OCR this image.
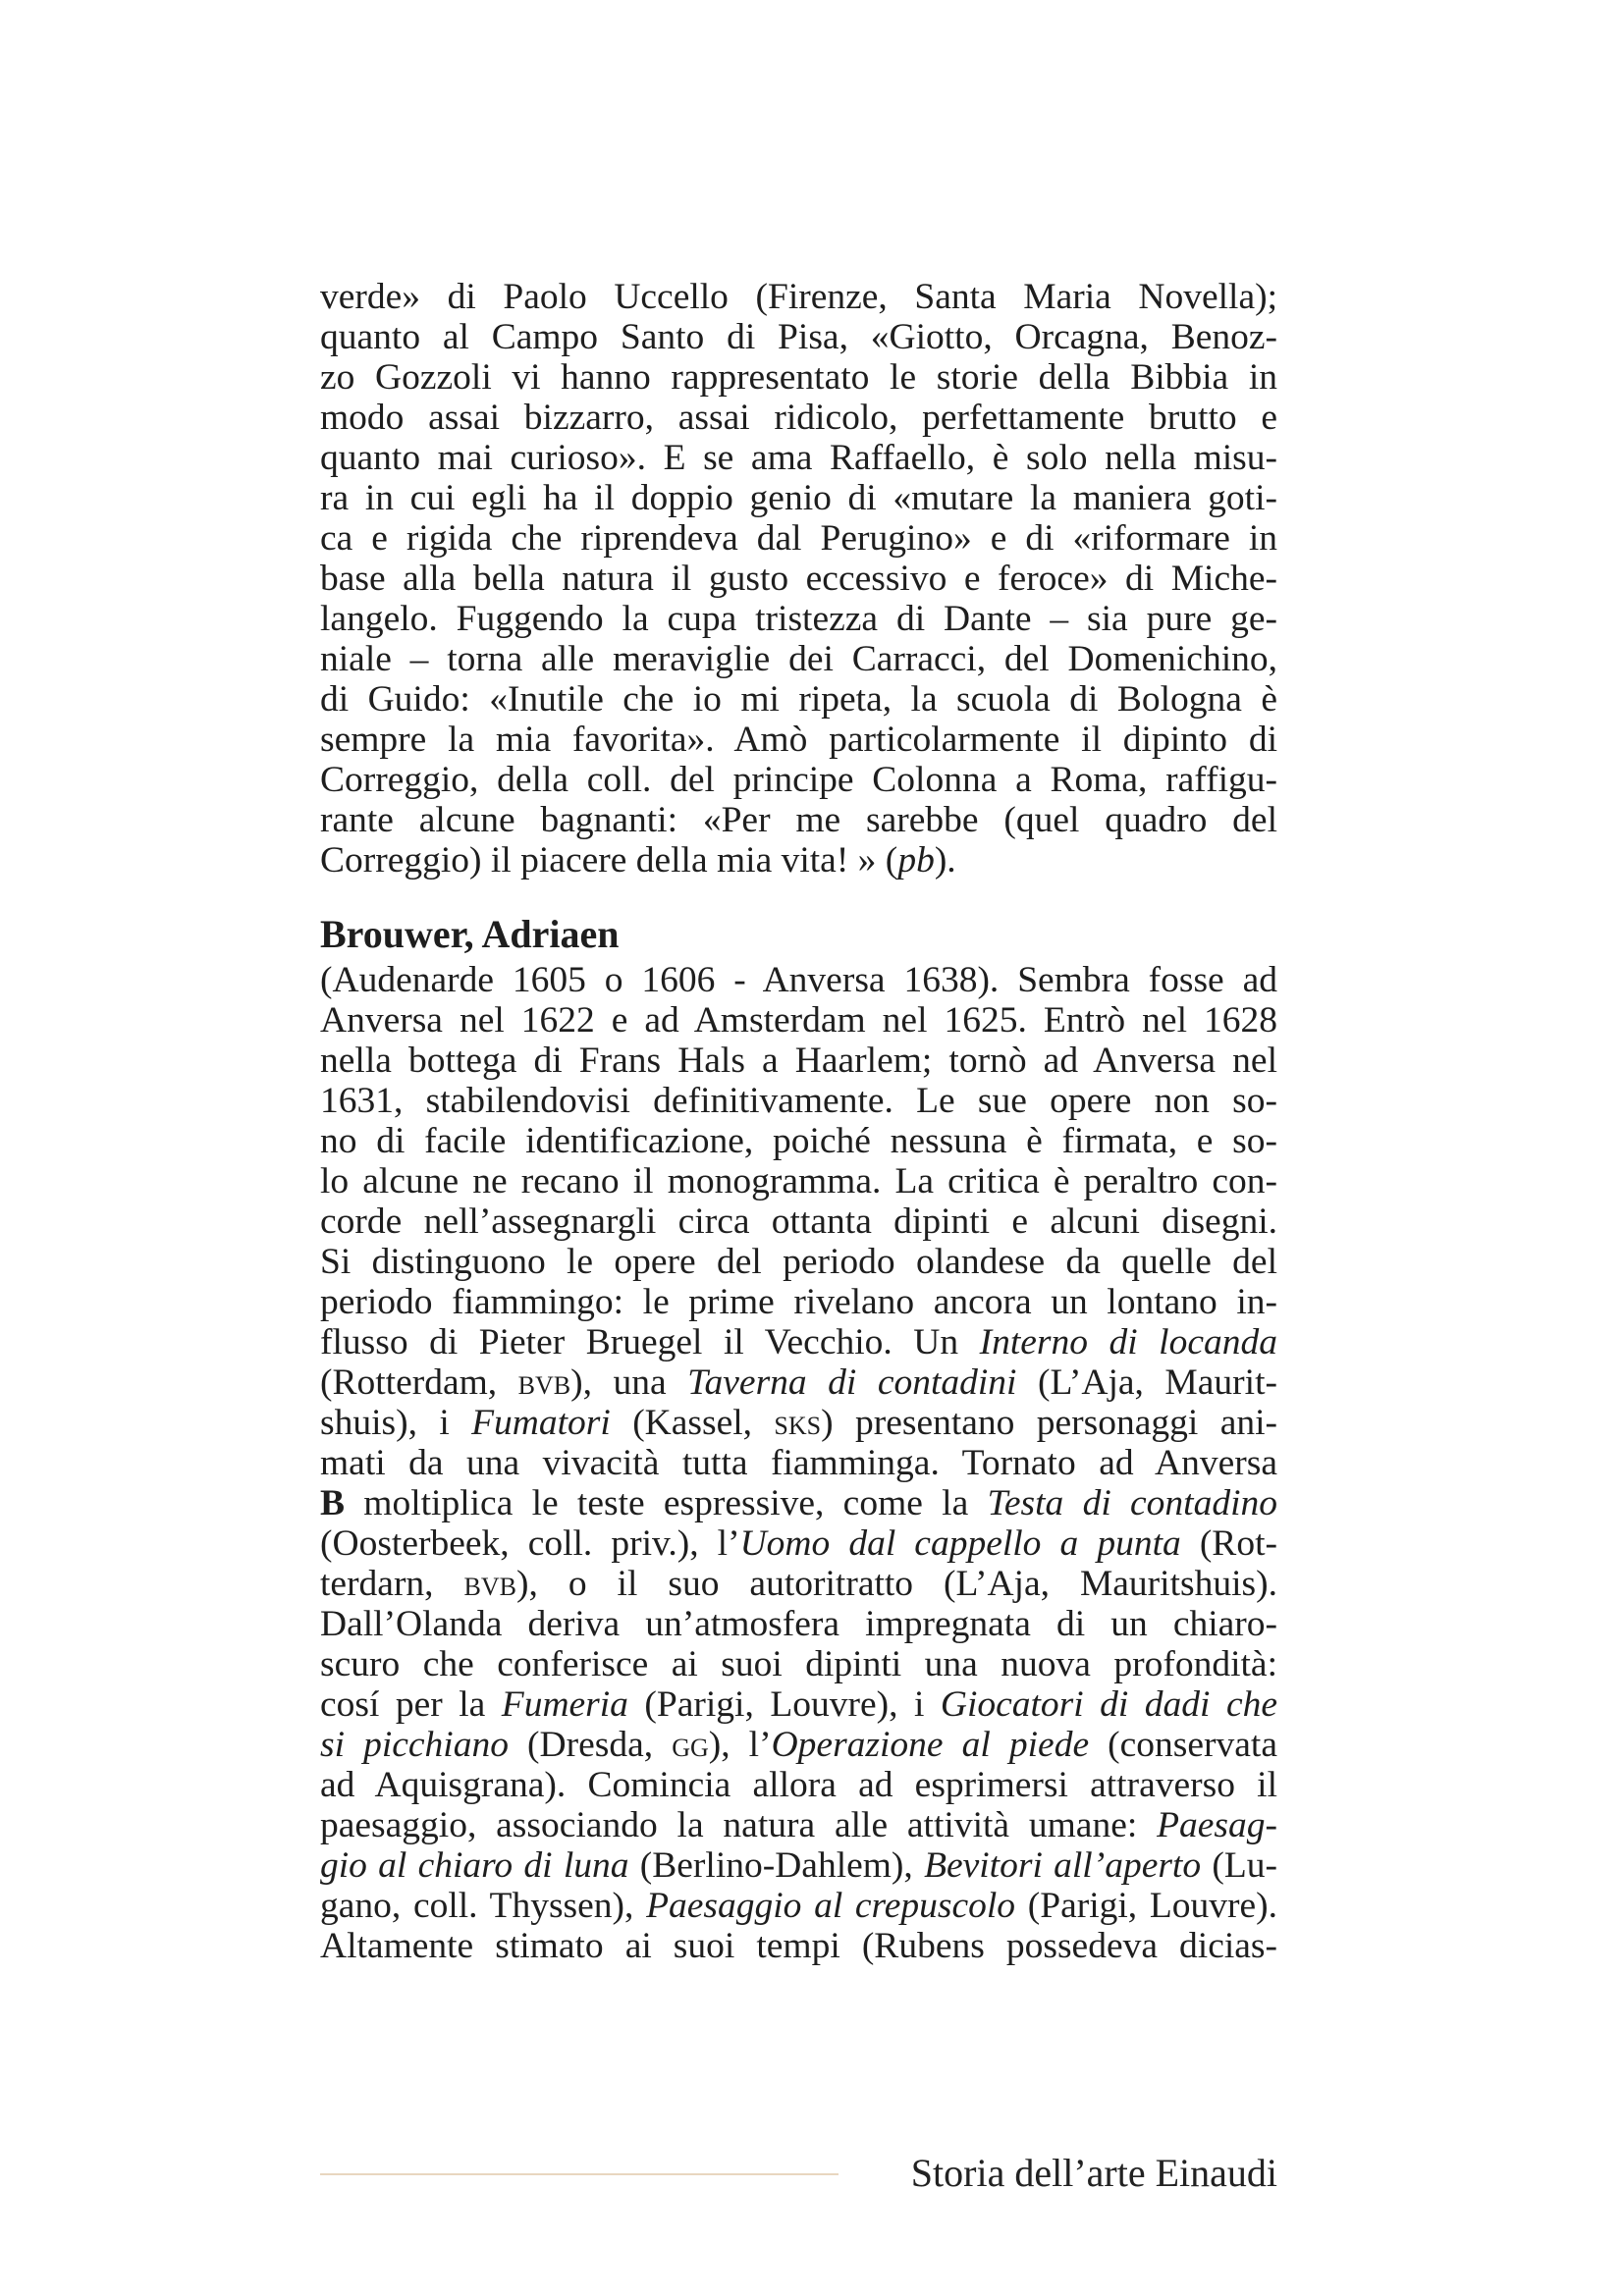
verde» di Paolo Uccello (Firenze, Santa Maria Novella);
quanto al Campo Santo di Pisa, «Giotto, Orcagna, Benoz-
zo Gozzoli vi hanno rappresentato le storie della Bibbia in
modo assai bizzarro, assai ridicolo, perfettamente brutto e
quanto mai curioso». E se ama Raffaello, è solo nella misu-
ra in cui egli ha il doppio genio di «mutare la maniera goti-
ca e rigida che riprendeva dal Perugino» e di «riformare in
base alla bella natura il gusto eccessivo e feroce» di Miche-
langelo. Fuggendo la cupa tristezza di Dante – sia pure ge-
niale – torna alle meraviglie dei Carracci, del Domenichino,
di Guido: «Inutile che io mi ripeta, la scuola di Bologna è
sempre la mia favorita». Amò particolarmente il dipinto di
Correggio, della coll. del principe Colonna a Roma, raffigu-
rante alcune bagnanti: «Per me sarebbe (quel quadro del
Correggio) il piacere della mia vita! » (pb).

Brouwer, Adriaen

(Audenarde 1605 o 1606 - Anversa 1638). Sembra fosse ad
Anversa nel 1622 e ad Amsterdam nel 1625. Entrò nel 1628
nella bottega di Frans Hals a Haarlem; tornò ad Anversa nel
1631, stabilendovisi definitivamente. Le sue opere non so-
no di facile identificazione, poiché nessuna è firmata, e so-
lo alcune ne recano il monogramma. La critica è peraltro con-
corde nell’assegnargli circa ottanta dipinti e alcuni disegni.
Si distinguono le opere del periodo olandese da quelle del
periodo fiammingo: le prime rivelano ancora un lontano in-
flusso di Pieter Bruegel il Vecchio. Un Interno di locanda
(Rotterdam, bvb), una Taverna di contadini (L’Aja, Maurit-
shuis), i Fumatori (Kassel, sks) presentano personaggi ani-
mati da una vivacità tutta fiamminga. Tornato ad Anversa
B moltiplica le teste espressive, come la Testa di contadino
(Oosterbeek, coll. priv.), l’Uomo dal cappello a punta (Rot-
terdarn, bvb), o il suo autoritratto (L’Aja, Mauritshuis).
Dall’Olanda deriva un’atmosfera impregnata di un chiaro-
scuro che conferisce ai suoi dipinti una nuova profondità:
cosí per la Fumeria (Parigi, Louvre), i Giocatori di dadi che
si picchiano (Dresda, gg), l’Operazione al piede (conservata
ad Aquisgrana). Comincia allora ad esprimersi attraverso il
paesaggio, associando la natura alle attività umane: Paesag-
gio al chiaro di luna (Berlino-Dahlem), Bevitori all’aperto (Lu-
gano, coll. Thyssen), Paesaggio al crepuscolo (Parigi, Louvre).
Altamente stimato ai suoi tempi (Rubens possedeva dicias-

Storia dell’arte Einaudi
